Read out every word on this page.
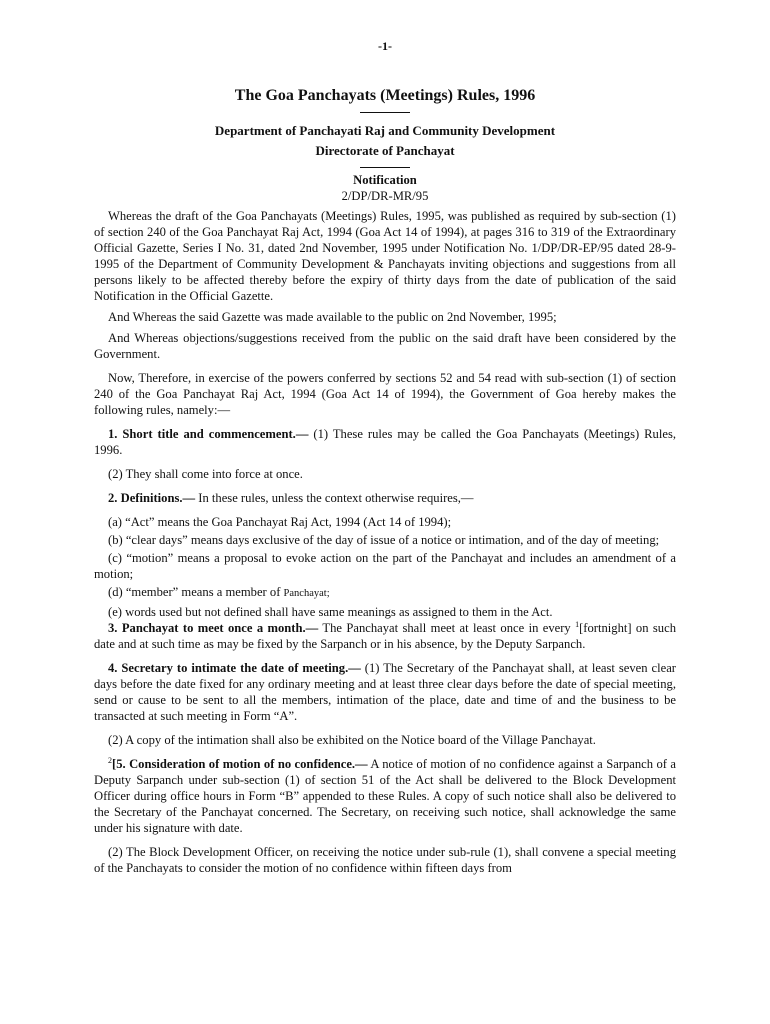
-1-
The Goa Panchayats (Meetings) Rules, 1996
Department of Panchayati Raj and Community Development
Directorate of Panchayat
Notification
2/DP/DR-MR/95

Whereas the draft of the Goa Panchayats (Meetings) Rules, 1995, was published as required by sub-section (1) of section 240 of the Goa Panchayat Raj Act, 1994 (Goa Act 14 of 1994), at pages 316 to 319 of the Extraordinary Official Gazette, Series I No. 31, dated 2nd November, 1995 under Notification No. 1/DP/DR-EP/95 dated 28-9-1995 of the Department of Community Development & Panchayats inviting objections and suggestions from all persons likely to be affected thereby before the expiry of thirty days from the date of publication of the said Notification in the Official Gazette.

And Whereas the said Gazette was made available to the public on 2nd November, 1995;

And Whereas objections/suggestions received from the public on the said draft have been considered by the Government.

Now, Therefore, in exercise of the powers conferred by sections 52 and 54 read with sub-section (1) of section 240 of the Goa Panchayat Raj Act, 1994 (Goa Act 14 of 1994), the Government of Goa hereby makes the following rules, namely:—

1. Short title and commencement.— (1) These rules may be called the Goa Panchayats (Meetings) Rules, 1996.

(2) They shall come into force at once.

2. Definitions.— In these rules, unless the context otherwise requires,—

(a) “Act” means the Goa Panchayat Raj Act, 1994 (Act 14 of 1994);

(b) “clear days” means days exclusive of the day of issue of a notice or intimation, and of the day of meeting;

(c) “motion” means a proposal to evoke action on the part of the Panchayat and includes an amendment of a motion;

(d) “member” means a member of Panchayat;

(e) words used but not defined shall have same meanings as assigned to them in the Act.

3. Panchayat to meet once a month.— The Panchayat shall meet at least once in every $^1$[fortnight] on such date and at such time as may be fixed by the Sarpanch or in his absence, by the Deputy Sarpanch.

4. Secretary to intimate the date of meeting.— (1) The Secretary of the Panchayat shall, at least seven clear days before the date fixed for any ordinary meeting and at least three clear days before the date of special meeting, send or cause to be sent to all the members, intimation of the place, date and time of and the business to be transacted at such meeting in Form “A”.

(2) A copy of the intimation shall also be exhibited on the Notice board of the Village Panchayat.

$^2$[5. Consideration of motion of no confidence.— A notice of motion of no confidence against a Sarpanch of a Deputy Sarpanch under sub-section (1) of section 51 of the Act shall be delivered to the Block Development Officer during office hours in Form “B” appended to these Rules. A copy of such notice shall also be delivered to the Secretary of the Panchayat concerned. The Secretary, on receiving such notice, shall acknowledge the same under his signature with date.

(2) The Block Development Officer, on receiving the notice under sub-rule (1), shall convene a special meeting of the Panchayats to consider the motion of no confidence within fifteen days from
